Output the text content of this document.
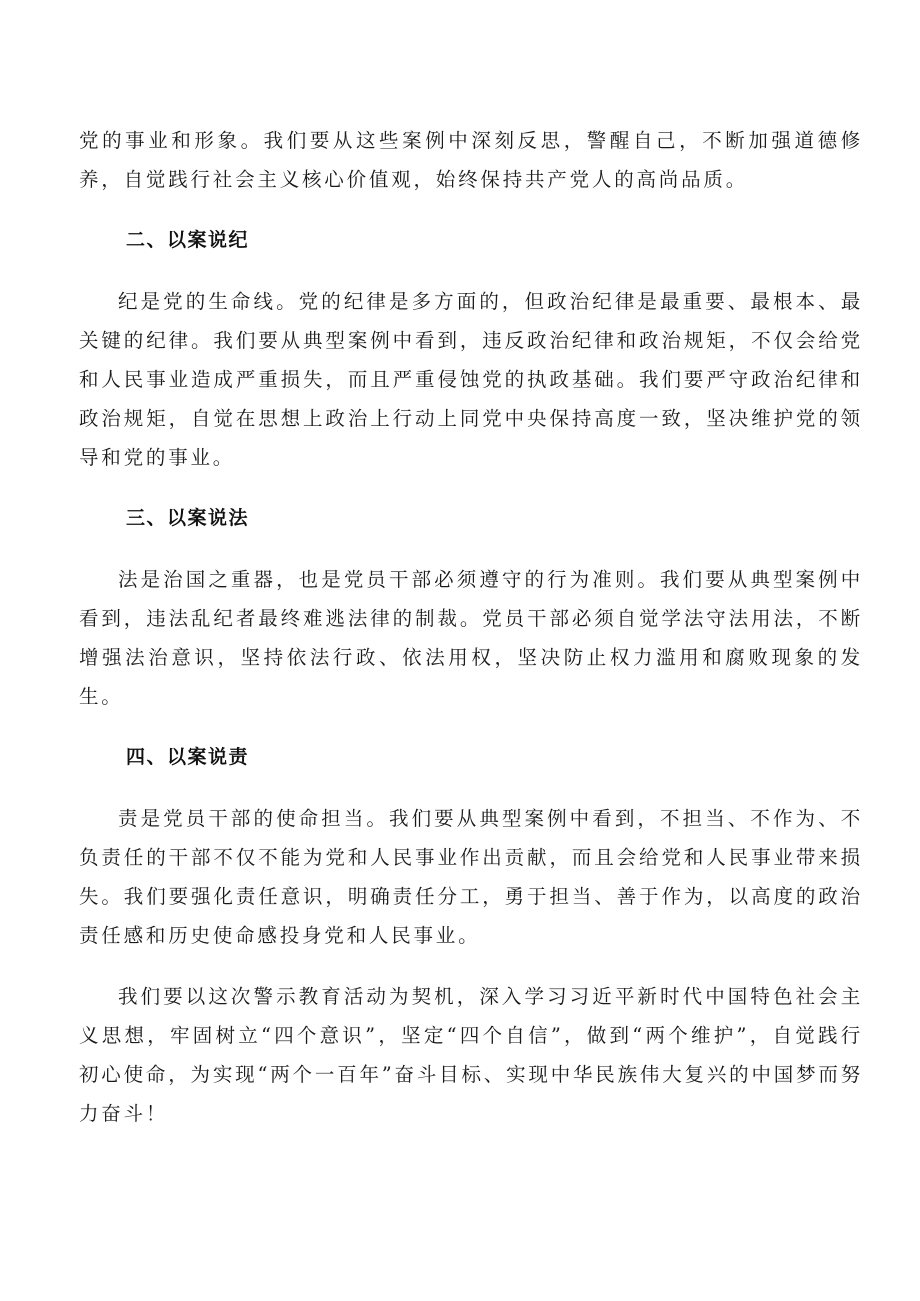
党的事业和形象。我们要从这些案例中深刻反思，警醒自己，不断加强道德修养，自觉践行社会主义核心价值观，始终保持共产党人的高尚品质。

二、以案说纪

纪是党的生命线。党的纪律是多方面的，但政治纪律是最重要、最根本、最关键的纪律。我们要从典型案例中看到，违反政治纪律和政治规矩，不仅会给党和人民事业造成严重损失，而且严重侵蚀党的执政基础。我们要严守政治纪律和政治规矩，自觉在思想上政治上行动上同党中央保持高度一致，坚决维护党的领导和党的事业。

三、以案说法

法是治国之重器，也是党员干部必须遵守的行为准则。我们要从典型案例中看到，违法乱纪者最终难逃法律的制裁。党员干部必须自觉学法守法用法，不断增强法治意识，坚持依法行政、依法用权，坚决防止权力滥用和腐败现象的发生。

四、以案说责

责是党员干部的使命担当。我们要从典型案例中看到，不担当、不作为、不负责任的干部不仅不能为党和人民事业作出贡献，而且会给党和人民事业带来损失。我们要强化责任意识，明确责任分工，勇于担当、善于作为，以高度的政治责任感和历史使命感投身党和人民事业。

我们要以这次警示教育活动为契机，深入学习习近平新时代中国特色社会主义思想，牢固树立“四个意识”，坚定“四个自信”，做到“两个维护”，自觉践行初心使命，为实现“两个一百年”奋斗目标、实现中华民族伟大复兴的中国梦而努力奋斗！
